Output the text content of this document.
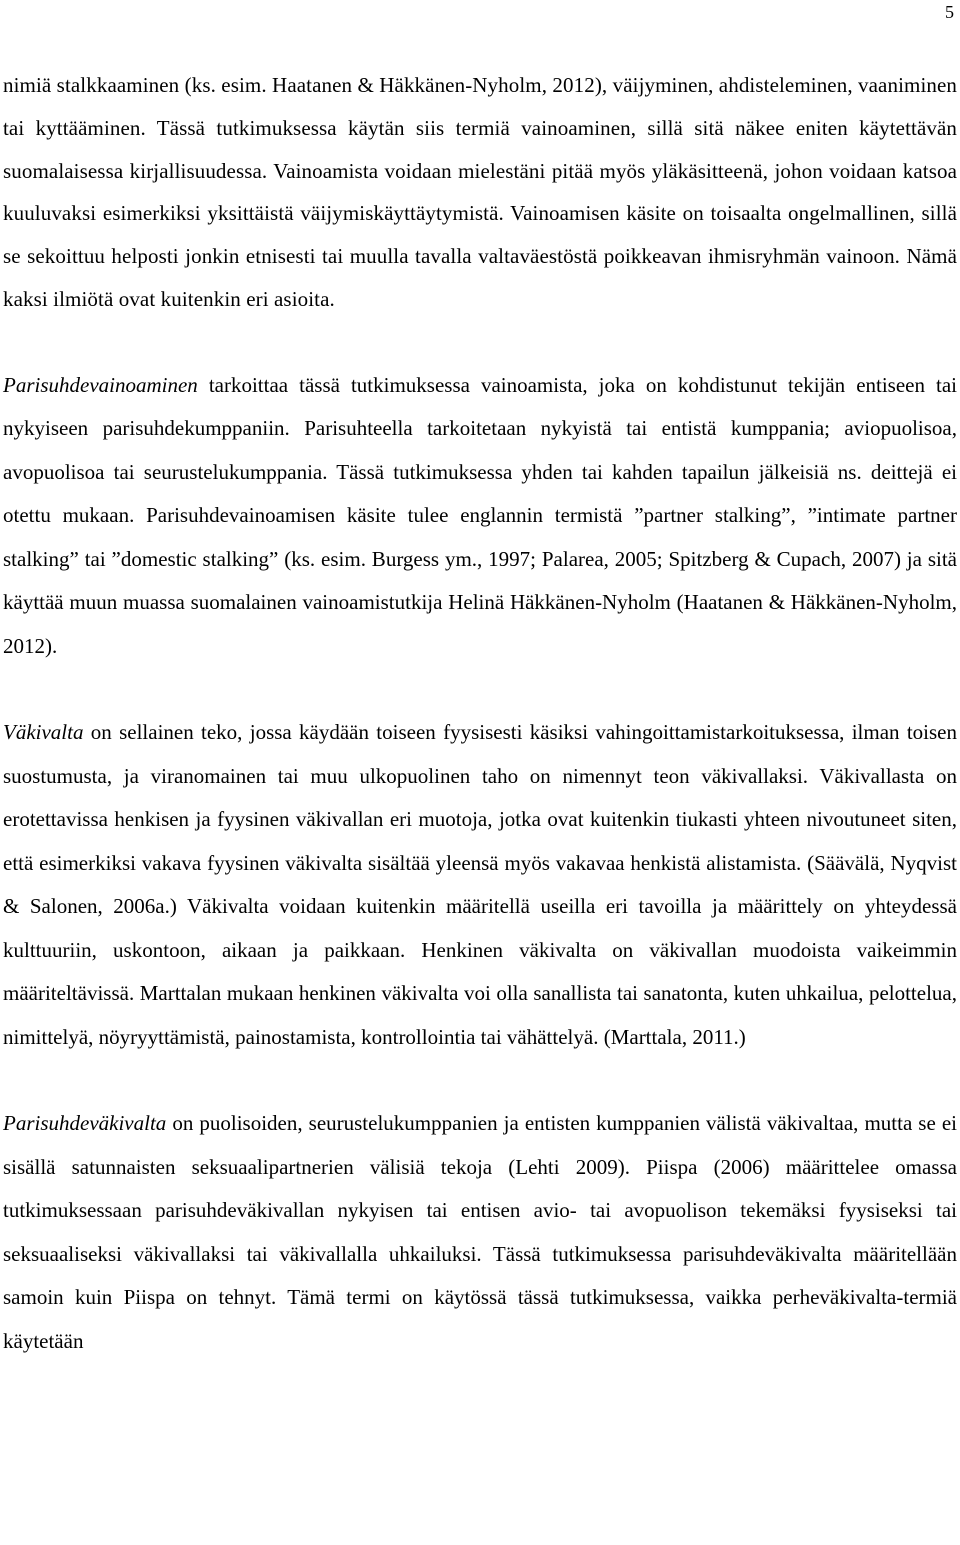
5

nimiä stalkkaaminen (ks. esim. Haatanen & Häkkänen-Nyholm, 2012), väijyminen, ahdisteleminen, vaaniminen tai kyttääminen. Tässä tutkimuksessa käytän siis termiä vainoaminen, sillä sitä näkee eniten käytettävän suomalaisessa kirjallisuudessa. Vainoamista voidaan mielestäni pitää myös yläkäsitteenä, johon voidaan katsoa kuuluvaksi esimerkiksi yksittäistä väijymiskäyttäytymistä. Vainoamisen käsite on toisaalta ongelmallinen, sillä se sekoittuu helposti jonkin etnisesti tai muulla tavalla valtaväestöstä poikkeavan ihmisryhmän vainoon. Nämä kaksi ilmiötä ovat kuitenkin eri asioita.

Parisuhdevainoaminen tarkoittaa tässä tutkimuksessa vainoamista, joka on kohdistunut tekijän entiseen tai nykyiseen parisuhdekumppaniin. Parisuhteella tarkoitetaan nykyistä tai entistä kumppania; aviopuolisoa, avopuolisoa tai seurustelukumppania. Tässä tutkimuksessa yhden tai kahden tapailun jälkeisiä ns. deittejä ei otettu mukaan. Parisuhdevainoamisen käsite tulee englannin termistä ”partner stalking”, ”intimate partner stalking” tai ”domestic stalking” (ks. esim. Burgess ym., 1997; Palarea, 2005; Spitzberg & Cupach, 2007) ja sitä käyttää muun muassa suomalainen vainoamistutkija Helinä Häkkänen-Nyholm (Haatanen & Häkkänen-Nyholm, 2012).

Väkivalta on sellainen teko, jossa käydään toiseen fyysisesti käsiksi vahingoittamistarkoituksessa, ilman toisen suostumusta, ja viranomainen tai muu ulkopuolinen taho on nimennyt teon väkivallaksi. Väkivallasta on erotettavissa henkisen ja fyysinen väkivallan eri muotoja, jotka ovat kuitenkin tiukasti yhteen nivoutuneet siten, että esimerkiksi vakava fyysinen väkivalta sisältää yleensä myös vakavaa henkistä alistamista. (Säävälä, Nyqvist & Salonen, 2006a.) Väkivalta voidaan kuitenkin määritellä useilla eri tavoilla ja määrittely on yhteydessä kulttuuriin, uskontoon, aikaan ja paikkaan. Henkinen väkivalta on väkivallan muodoista vaikeimmin määriteltävissä. Marttalan mukaan henkinen väkivalta voi olla sanallista tai sanatonta, kuten uhkailua, pelottelua, nimittelyä, nöyryyttämistä, painostamista, kontrollointia tai vähättelyä. (Marttala, 2011.)

Parisuhdeväkivalta on puolisoiden, seurustelukumppanien ja entisten kumppanien välistä väkivaltaa, mutta se ei sisällä satunnaisten seksuaalipartnerien välisiä tekoja (Lehti 2009). Piispa (2006) määrittelee omassa tutkimuksessaan parisuhdeväkivallan nykyisen tai entisen avio- tai avopuolison tekemäksi fyysiseksi tai seksuaaliseksi väkivallaksi tai väkivallalla uhkailuksi. Tässä tutkimuksessa parisuhdeväkivalta määritellään samoin kuin Piispa on tehnyt. Tämä termi on käytössä tässä tutkimuksessa, vaikka perheväkivalta-termiä käytetään
